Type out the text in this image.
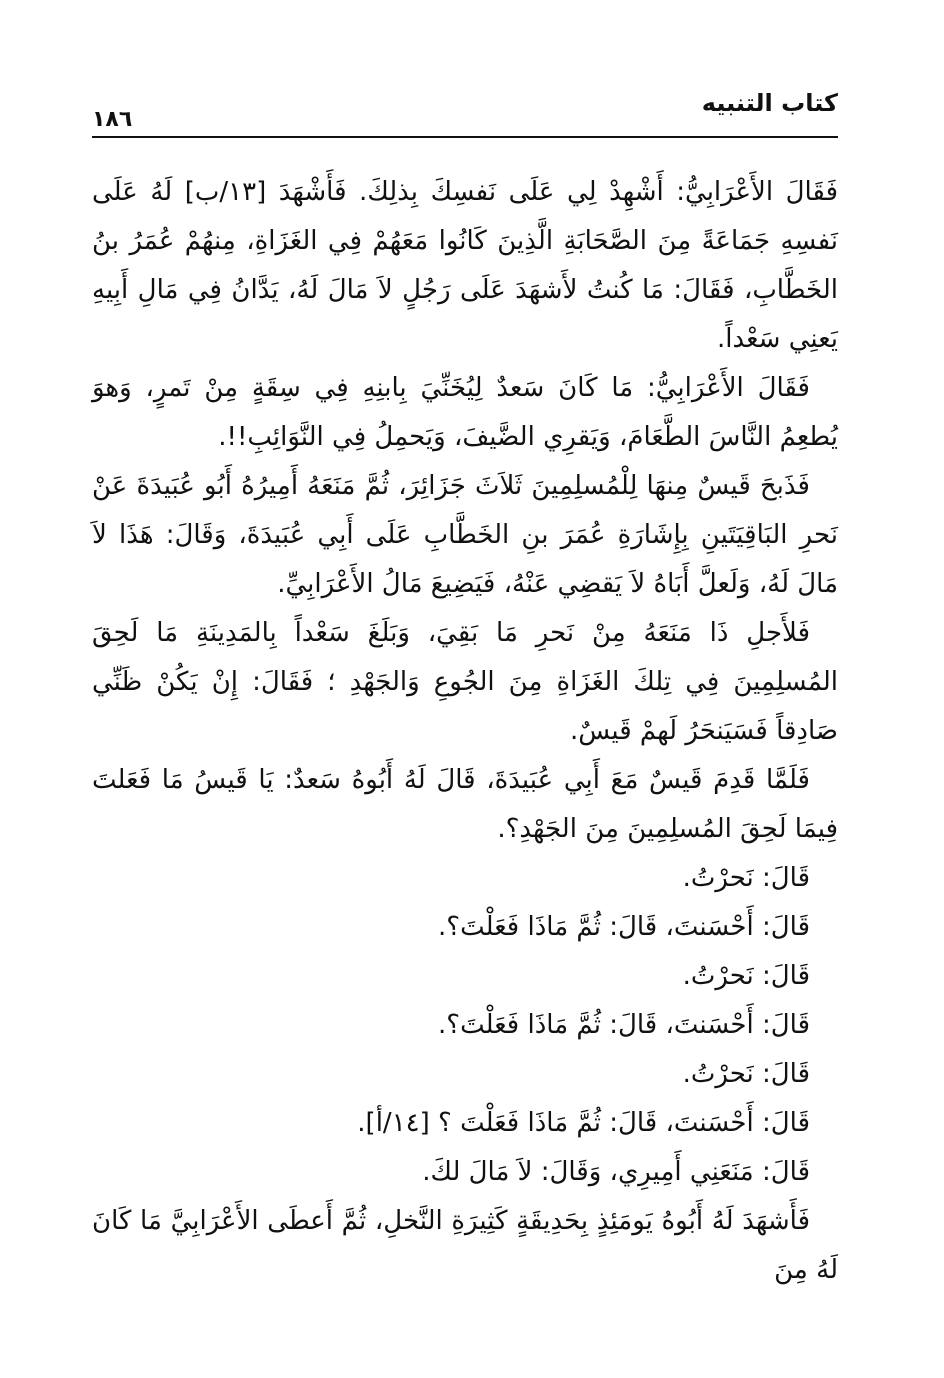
كتاب التنبيه
١٨٦

فَقَالَ الأَعْرَابِيُّ: أَشْهِدْ لِي عَلَى نَفسِكَ بِذلِكَ. فَأَشْهَدَ [١٣/ب] لَهُ عَلَى نَفسِهِ جَمَاعَةً مِنَ الصَّحَابَةِ الَّذِينَ كَانُوا مَعَهُمْ فِي الغَزَاةِ، مِنهُمْ عُمَرُ بنُ الخَطَّابِ، فَقَالَ: مَا كُنتُ لأَشهَدَ عَلَى رَجُلٍ لاَ مَالَ لَهُ، يَدَّانُ فِي مَالِ أَبِيهِ يَعنِي سَعْداً.

فَقَالَ الأَعْرَابِيُّ: مَا كَانَ سَعدٌ لِيُخَنِّيَ بِابنِهِ فِي سِقَةٍ مِنْ تَمرٍ، وَهوَ يُطعِمُ النَّاسَ الطَّعَامَ، وَيَقرِي الضَّيفَ، وَيَحمِلُ فِي النَّوَائِبِ!!.

فَذَبحَ قَيسٌ مِنهَا لِلْمُسلِمِينَ ثَلاَثَ جَزَائِرَ، ثُمَّ مَنَعَهُ أَمِيرُهُ أَبُو عُبَيدَةَ عَنْ نَحرِ البَاقِيَتَينِ بِإِشَارَةِ عُمَرَ بنِ الخَطَّابِ عَلَى أَبِي عُبَيدَةَ، وَقَالَ: هَذَا لاَ مَالَ لَهُ، وَلَعلَّ أَبَاهُ لاَ يَقضِي عَنْهُ، فَيَضِيعَ مَالُ الأَعْرَابِيِّ.

فَلأَجلِ ذَا مَنَعَهُ مِنْ نَحرِ مَا بَقِيَ، وَبَلَغَ سَعْداً بِالمَدِينَةِ مَا لَحِقَ المُسلِمِينَ فِي تِلكَ الغَزَاةِ مِنَ الجُوعِ وَالجَهْدِ ؛ فَقَالَ: إِنْ يَكُنْ ظَنِّي صَادِقاً فَسَيَنحَرُ لَهمْ قَيسٌ.

فَلَمَّا قَدِمَ قَيسٌ مَعَ أَبِي عُبَيدَةَ، قَالَ لَهُ أَبُوهُ سَعدٌ: يَا قَيسُ مَا فَعَلتَ فِيمَا لَحِقَ المُسلِمِينَ مِنَ الجَهْدِ؟.

قَالَ: نَحرْتُ.

قَالَ: أَحْسَنتَ، قَالَ: ثُمَّ مَاذَا فَعَلْتَ؟.

قَالَ: نَحرْتُ.

قَالَ: أَحْسَنتَ، قَالَ: ثُمَّ مَاذَا فَعَلْتَ؟.

قَالَ: نَحرْتُ.

قَالَ: أَحْسَنتَ، قَالَ: ثُمَّ مَاذَا فَعَلْتَ ؟ [١٤/أ].

قَالَ: مَنَعَنِي أَمِيرِي، وَقَالَ: لاَ مَالَ لكَ.

فَأَشهَدَ لَهُ أَبُوهُ يَومَئِذٍ بِحَدِيقَةٍ كَثِيرَةِ النَّخلِ، ثُمَّ أَعطَى الأَعْرَابِيَّ مَا كَانَ لَهُ مِنَ
